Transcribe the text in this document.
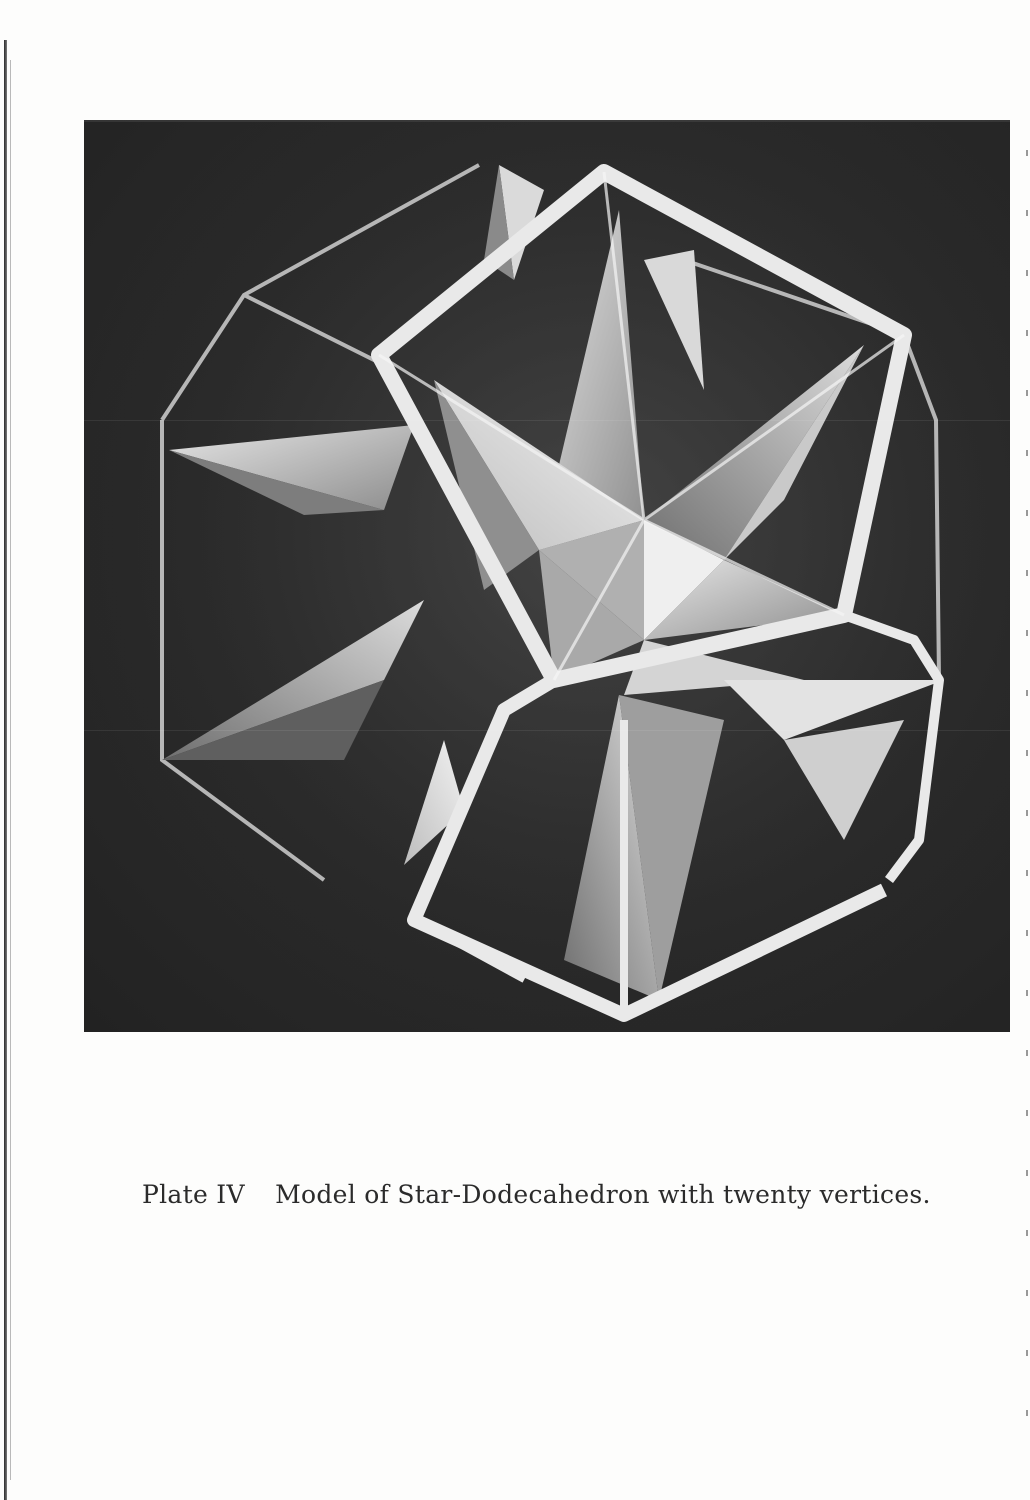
Plate IV Model of Star-Dodecahedron with twenty vertices.
